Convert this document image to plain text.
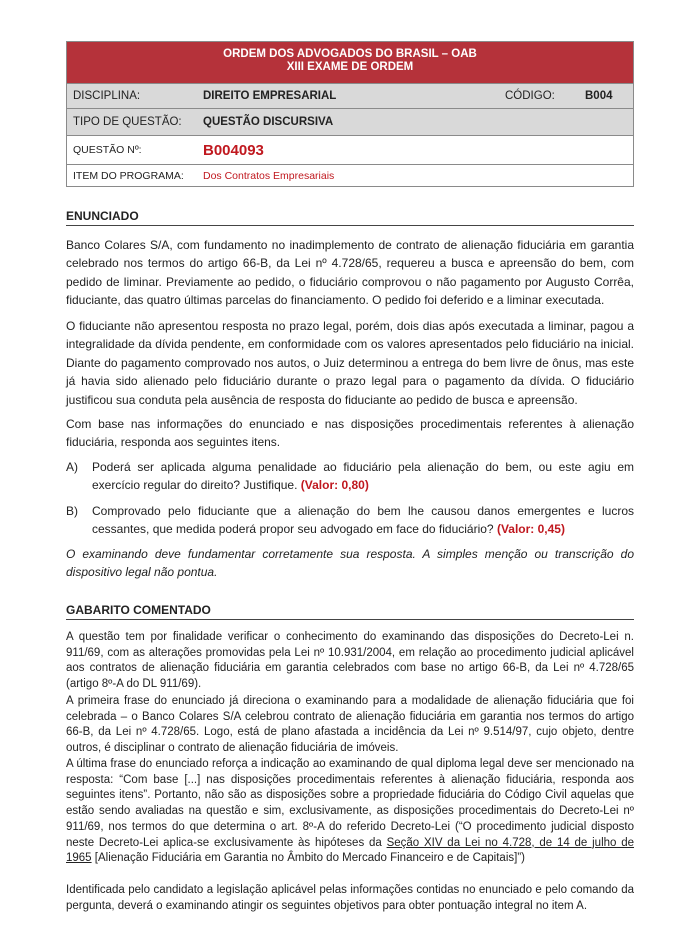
ORDEM DOS ADVOGADOS DO BRASIL – OAB
XIII EXAME DE ORDEM
DISCIPLINA:	DIREITO EMPRESARIAL	CÓDIGO:	B004
TIPO DE QUESTÃO:	QUESTÃO DISCURSIVA
QUESTÃO Nº:	B004093
ITEM DO PROGRAMA:	Dos Contratos Empresariais
ENUNCIADO

Banco Colares S/A, com fundamento no inadimplemento de contrato de alienação fiduciária em garantia celebrado nos termos do artigo 66-B, da Lei nº 4.728/65, requereu a busca e apreensão do bem, com pedido de liminar. Previamente ao pedido, o fiduciário comprovou o não pagamento por Augusto Corrêa, fiduciante, das quatro últimas parcelas do financiamento. O pedido foi deferido e a liminar executada.

O fiduciante não apresentou resposta no prazo legal, porém, dois dias após executada a liminar, pagou a integralidade da dívida pendente, em conformidade com os valores apresentados pelo fiduciário na inicial. Diante do pagamento comprovado nos autos, o Juiz determinou a entrega do bem livre de ônus, mas este já havia sido alienado pelo fiduciário durante o prazo legal para o pagamento da dívida. O fiduciário justificou sua conduta pela ausência de resposta do fiduciante ao pedido de busca e apreensão.

Com base nas informações do enunciado e nas disposições procedimentais referentes à alienação fiduciária, responda aos seguintes itens.

A)	Poderá ser aplicada alguma penalidade ao fiduciário pela alienação do bem, ou este agiu em exercício regular do direito? Justifique. (Valor: 0,80)
B)	Comprovado pelo fiduciante que a alienação do bem lhe causou danos emergentes e lucros cessantes, que medida poderá propor seu advogado em face do fiduciário? (Valor: 0,45)

O examinando deve fundamentar corretamente sua resposta. A simples menção ou transcrição do dispositivo legal não pontua.

GABARITO COMENTADO

A questão tem por finalidade verificar o conhecimento do examinando das disposições do Decreto-Lei n. 911/69, com as alterações promovidas pela Lei nº 10.931/2004, em relação ao procedimento judicial aplicável aos contratos de alienação fiduciária em garantia celebrados com base no artigo 66-B, da Lei nº 4.728/65 (artigo 8º-A do DL 911/69).

A primeira frase do enunciado já direciona o examinando para a modalidade de alienação fiduciária que foi celebrada – o Banco Colares S/A celebrou contrato de alienação fiduciária em garantia nos termos do artigo 66-B, da Lei nº 4.728/65. Logo, está de plano afastada a incidência da Lei nº 9.514/97, cujo objeto, dentre outros, é disciplinar o contrato de alienação fiduciária de imóveis.

A última frase do enunciado reforça a indicação ao examinando de qual diploma legal deve ser mencionado na resposta: “Com base [...] nas disposições procedimentais referentes à alienação fiduciária, responda aos seguintes itens”. Portanto, não são as disposições sobre a propriedade fiduciária do Código Civil aquelas que estão sendo avaliadas na questão e sim, exclusivamente, as disposições procedimentais do Decreto-Lei nº 911/69, nos termos do que determina o art. 8º-A do referido Decreto-Lei (“O procedimento judicial disposto neste Decreto-Lei aplica-se exclusivamente às hipóteses da Seção XIV da Lei no 4.728, de 14 de julho de 1965 [Alienação Fiduciária em Garantia no Âmbito do Mercado Financeiro e de Capitais]”)

Identificada pelo candidato a legislação aplicável pelas informações contidas no enunciado e pelo comando da pergunta, deverá o examinando atingir os seguintes objetivos para obter pontuação integral no item A.
